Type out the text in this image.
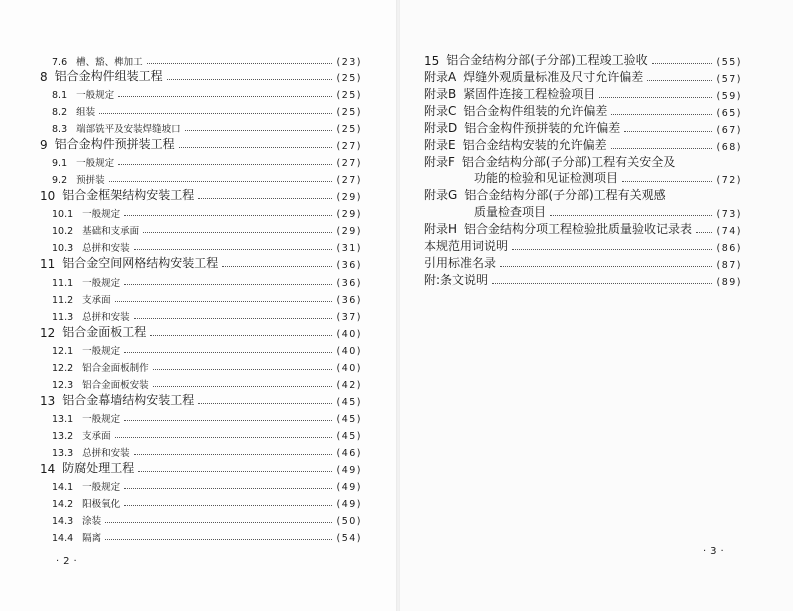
7.6 槽、豁、榫加工	(23)
8 铝合金构件组装工程	(25)
8.1 一般规定	(25)
8.2 组装	(25)
8.3 端部铣平及安装焊缝坡口	(25)
9 铝合金构件预拼装工程	(27)
9.1 一般规定	(27)
9.2 预拼装	(27)
10 铝合金框架结构安装工程	(29)
10.1 一般规定	(29)
10.2 基础和支承面	(29)
10.3 总拼和安装	(31)
11 铝合金空间网格结构安装工程	(36)
11.1 一般规定	(36)
11.2 支承面	(36)
11.3 总拼和安装	(37)
12 铝合金面板工程	(40)
12.1 一般规定	(40)
12.2 铝合金面板制作	(40)
12.3 铝合金面板安装	(42)
13 铝合金幕墙结构安装工程	(45)
13.1 一般规定	(45)
13.2 支承面	(45)
13.3 总拼和安装	(46)
14 防腐处理工程	(49)
14.1 一般规定	(49)
14.2 阳极氧化	(49)
14.3 涂装	(50)
14.4 隔离	(54)
15 铝合金结构分部(子分部)工程竣工验收	(55)
附录A 焊缝外观质量标准及尺寸允许偏差	(57)
附录B 紧固件连接工程检验项目	(59)
附录C 铝合金构件组装的允许偏差	(65)
附录D 铝合金构件预拼装的允许偏差	(67)
附录E 铝合金结构安装的允许偏差	(68)
附录F 铝合金结构分部(子分部)工程有关安全及
功能的检验和见证检测项目	(72)
附录G 铝合金结构分部(子分部)工程有关观感
质量检查项目	(73)
附录H 铝合金结构分项工程检验批质量验收记录表	(74)
本规范用词说明	(86)
引用标准名录	(87)
附:条文说明	(89)
·2·
·3·
